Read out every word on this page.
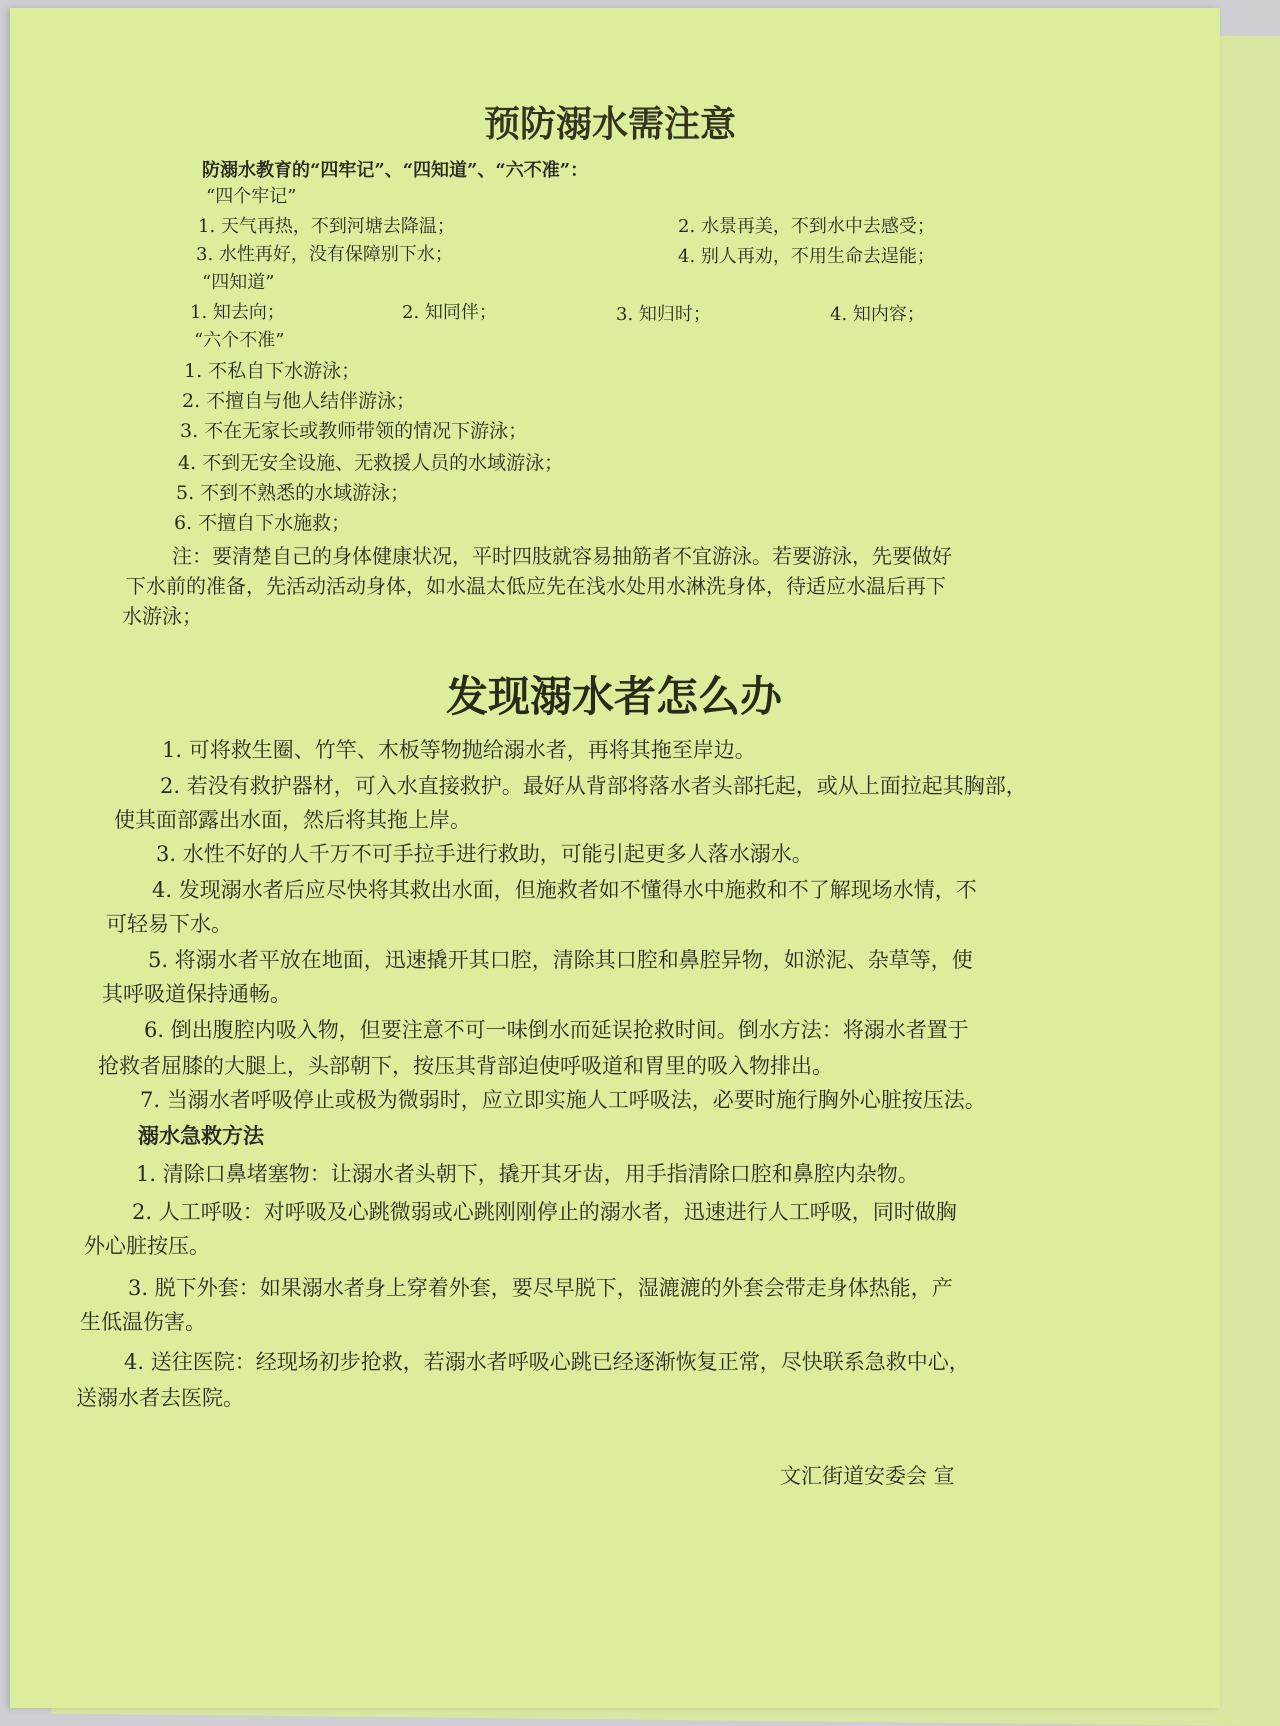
预防溺水需注意
防溺水教育的“四牢记”、“四知道”、“六不准”：
“四个牢记”
1. 天气再热，不到河塘去降温；	2. 水景再美，不到水中去感受；
3. 水性再好，没有保障别下水；	4. 别人再劝，不用生命去逞能；
“四知道”
1. 知去向；	2. 知同伴；	3. 知归时；	4. 知内容；
“六个不准”
1. 不私自下水游泳；
2. 不擅自与他人结伴游泳；
3. 不在无家长或教师带领的情况下游泳；
4. 不到无安全设施、无救援人员的水域游泳；
5. 不到不熟悉的水域游泳；
6. 不擅自下水施救；
注：要清楚自己的身体健康状况，平时四肢就容易抽筋者不宜游泳。若要游泳，先要做好
下水前的准备，先活动活动身体，如水温太低应先在浅水处用水淋洗身体，待适应水温后再下
水游泳；
发现溺水者怎么办
1. 可将救生圈、竹竿、木板等物抛给溺水者，再将其拖至岸边。
2. 若没有救护器材，可入水直接救护。最好从背部将落水者头部托起，或从上面拉起其胸部，
使其面部露出水面，然后将其拖上岸。
3. 水性不好的人千万不可手拉手进行救助，可能引起更多人落水溺水。
4. 发现溺水者后应尽快将其救出水面，但施救者如不懂得水中施救和不了解现场水情，不
可轻易下水。
5. 将溺水者平放在地面，迅速撬开其口腔，清除其口腔和鼻腔异物，如淤泥、杂草等，使
其呼吸道保持通畅。
6. 倒出腹腔内吸入物，但要注意不可一味倒水而延误抢救时间。倒水方法：将溺水者置于
抢救者屈膝的大腿上，头部朝下，按压其背部迫使呼吸道和胃里的吸入物排出。
7. 当溺水者呼吸停止或极为微弱时，应立即实施人工呼吸法，必要时施行胸外心脏按压法。
溺水急救方法
1. 清除口鼻堵塞物：让溺水者头朝下，撬开其牙齿，用手指清除口腔和鼻腔内杂物。
2. 人工呼吸：对呼吸及心跳微弱或心跳刚刚停止的溺水者，迅速进行人工呼吸，同时做胸
外心脏按压。
3. 脱下外套：如果溺水者身上穿着外套，要尽早脱下，湿漉漉的外套会带走身体热能，产
生低温伤害。
4. 送往医院：经现场初步抢救，若溺水者呼吸心跳已经逐渐恢复正常，尽快联系急救中心，
送溺水者去医院。
文汇街道安委会 宣
